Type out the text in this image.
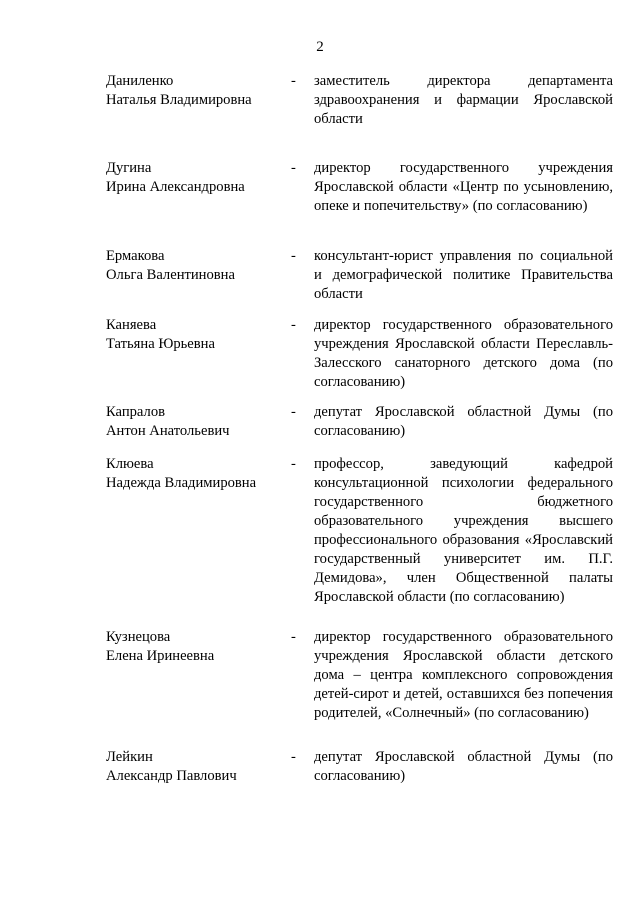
2
Даниленко
Наталья Владимировна
- заместитель директора департамента здравоохранения и фармации Ярославской области
Дугина
Ирина Александровна
- директор государственного учреждения Ярославской области «Центр по усыновлению, опеке и попечительству» (по согласованию)
Ермакова
Ольга Валентиновна
- консультант-юрист управления по социальной и демографической политике Правительства области
Каняева
Татьяна Юрьевна
- директор государственного образовательного учреждения Ярославской области Переславль-Залесского санаторного детского дома (по согласованию)
Капралов
Антон Анатольевич
- депутат Ярославской областной Думы (по согласованию)
Клюева
Надежда Владимировна
- профессор, заведующий кафедрой консультационной психологии федерального государственного бюджетного образовательного учреждения высшего профессионального образования «Ярославский государственный университет им. П.Г. Демидова», член Общественной палаты Ярославской области (по согласованию)
Кузнецова
Елена Иринеевна
- директор государственного образовательного учреждения Ярославской области детского дома – центра комплексного сопровождения детей-сирот и детей, оставшихся без попечения родителей, «Солнечный» (по согласованию)
Лейкин
Александр Павлович
- депутат Ярославской областной Думы (по согласованию)
